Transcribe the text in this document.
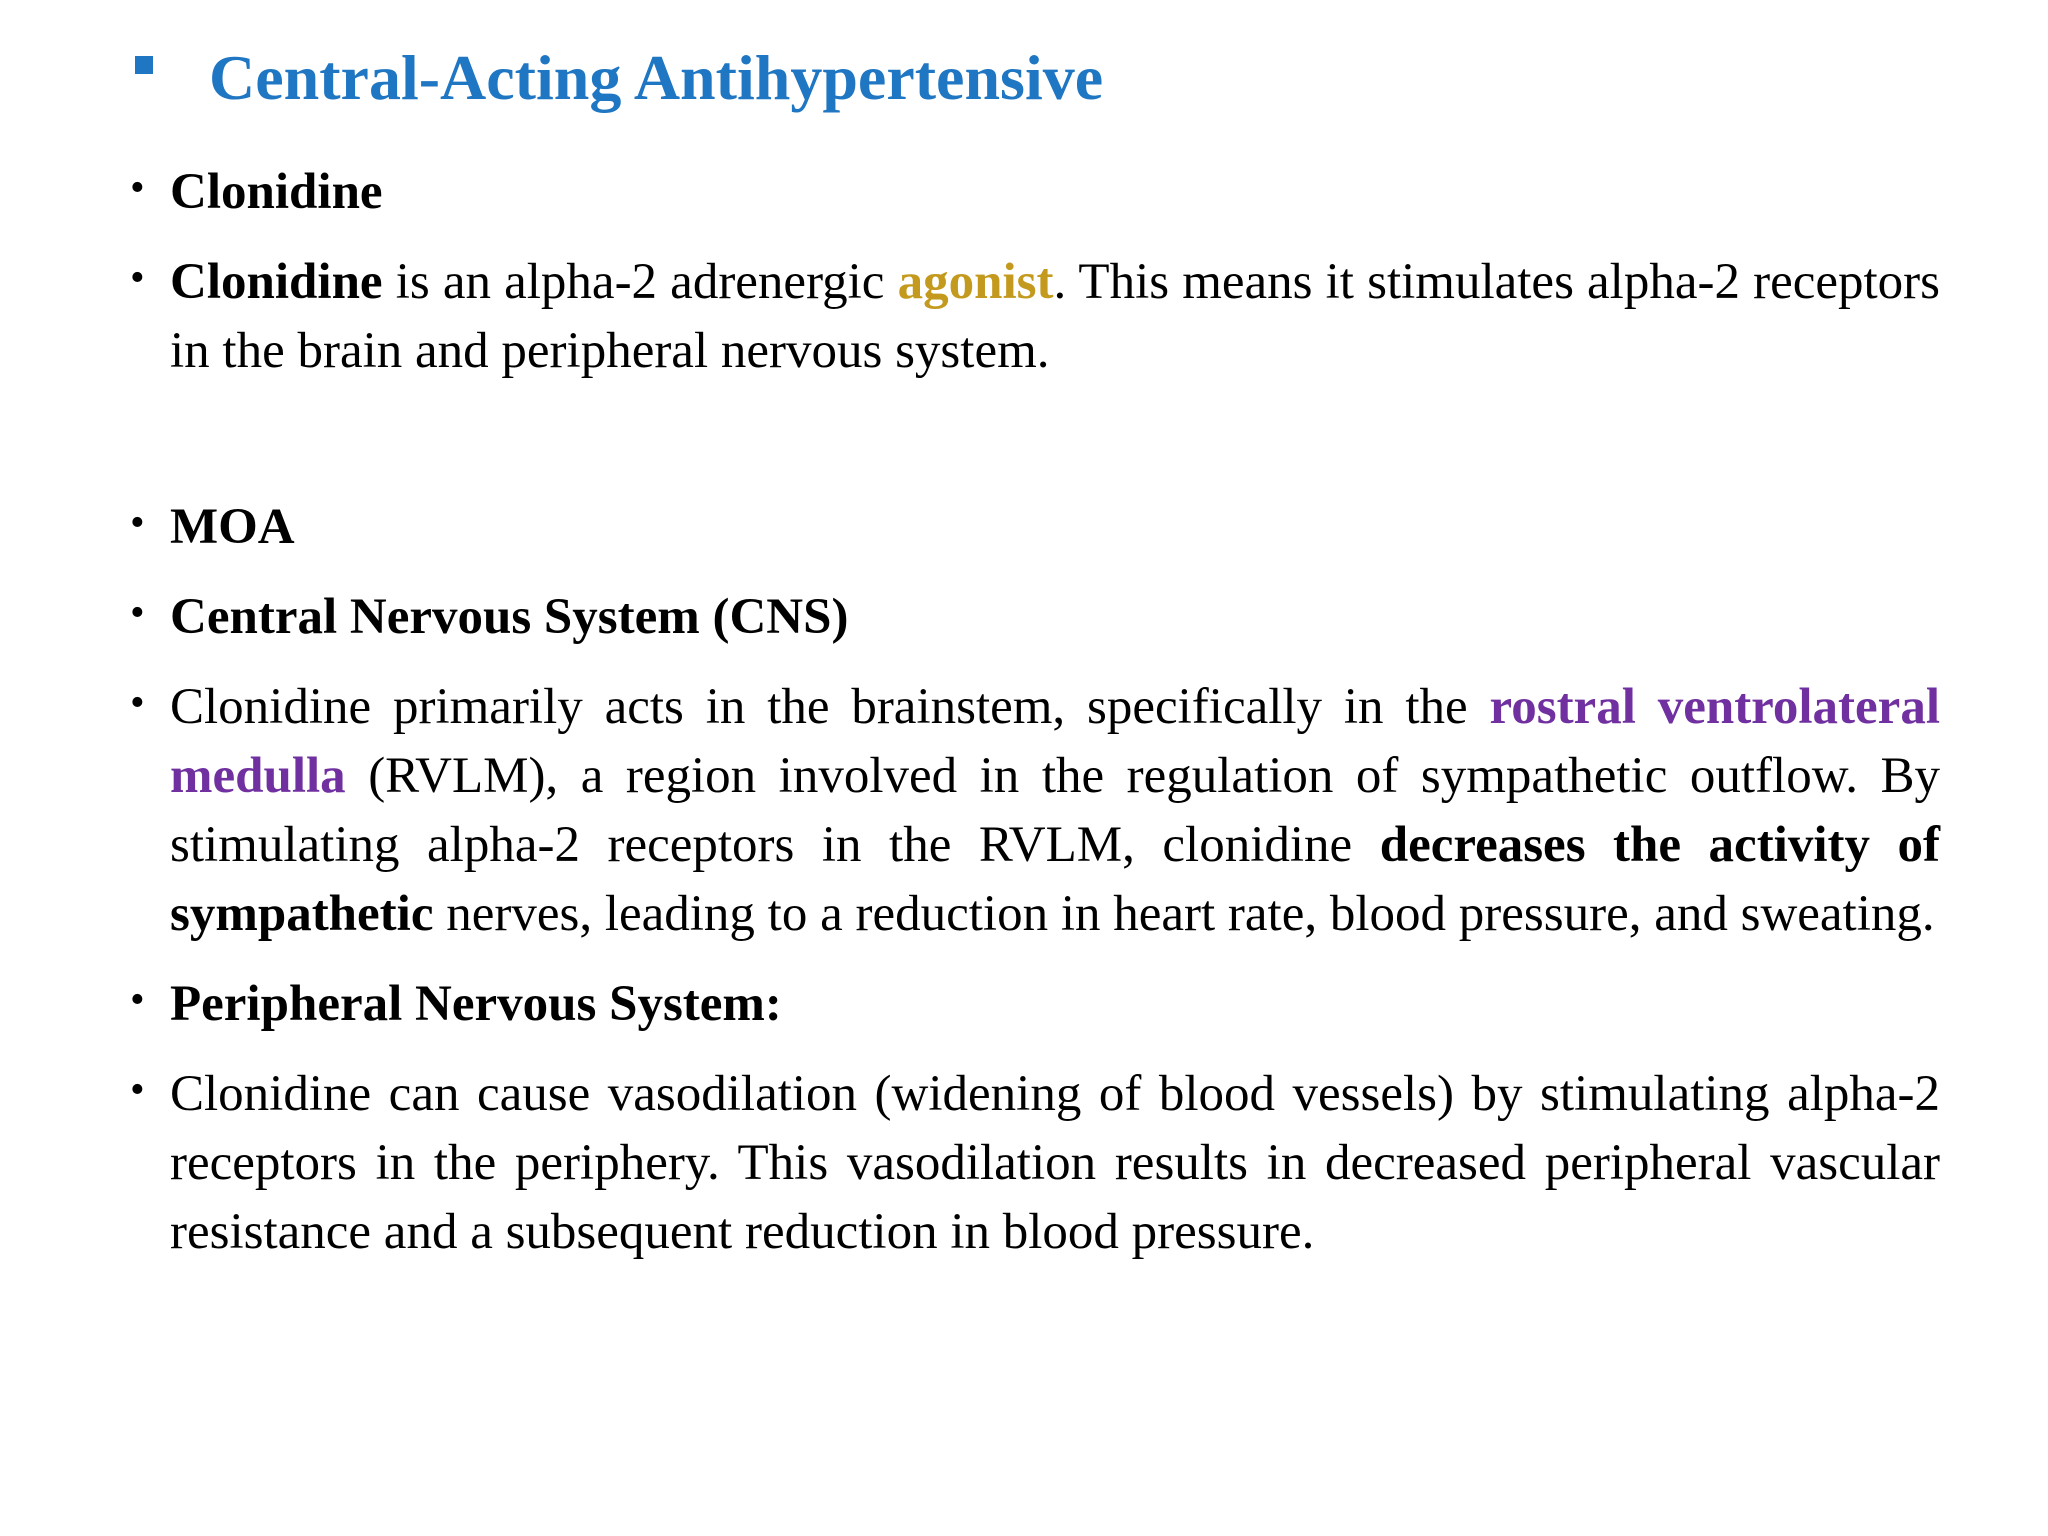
Central-Acting Antihypertensive
• Clonidine
• Clonidine is an alpha-2 adrenergic agonist. This means it stimulates alpha-2 receptors in the brain and peripheral nervous system.
• MOA
• Central Nervous System (CNS)
• Clonidine primarily acts in the brainstem, specifically in the rostral ventrolateral medulla (RVLM), a region involved in the regulation of sympathetic outflow. By stimulating alpha-2 receptors in the RVLM, clonidine decreases the activity of sympathetic nerves, leading to a reduction in heart rate, blood pressure, and sweating.
• Peripheral Nervous System:
• Clonidine can cause vasodilation (widening of blood vessels) by stimulating alpha-2 receptors in the periphery. This vasodilation results in decreased peripheral vascular resistance and a subsequent reduction in blood pressure.
